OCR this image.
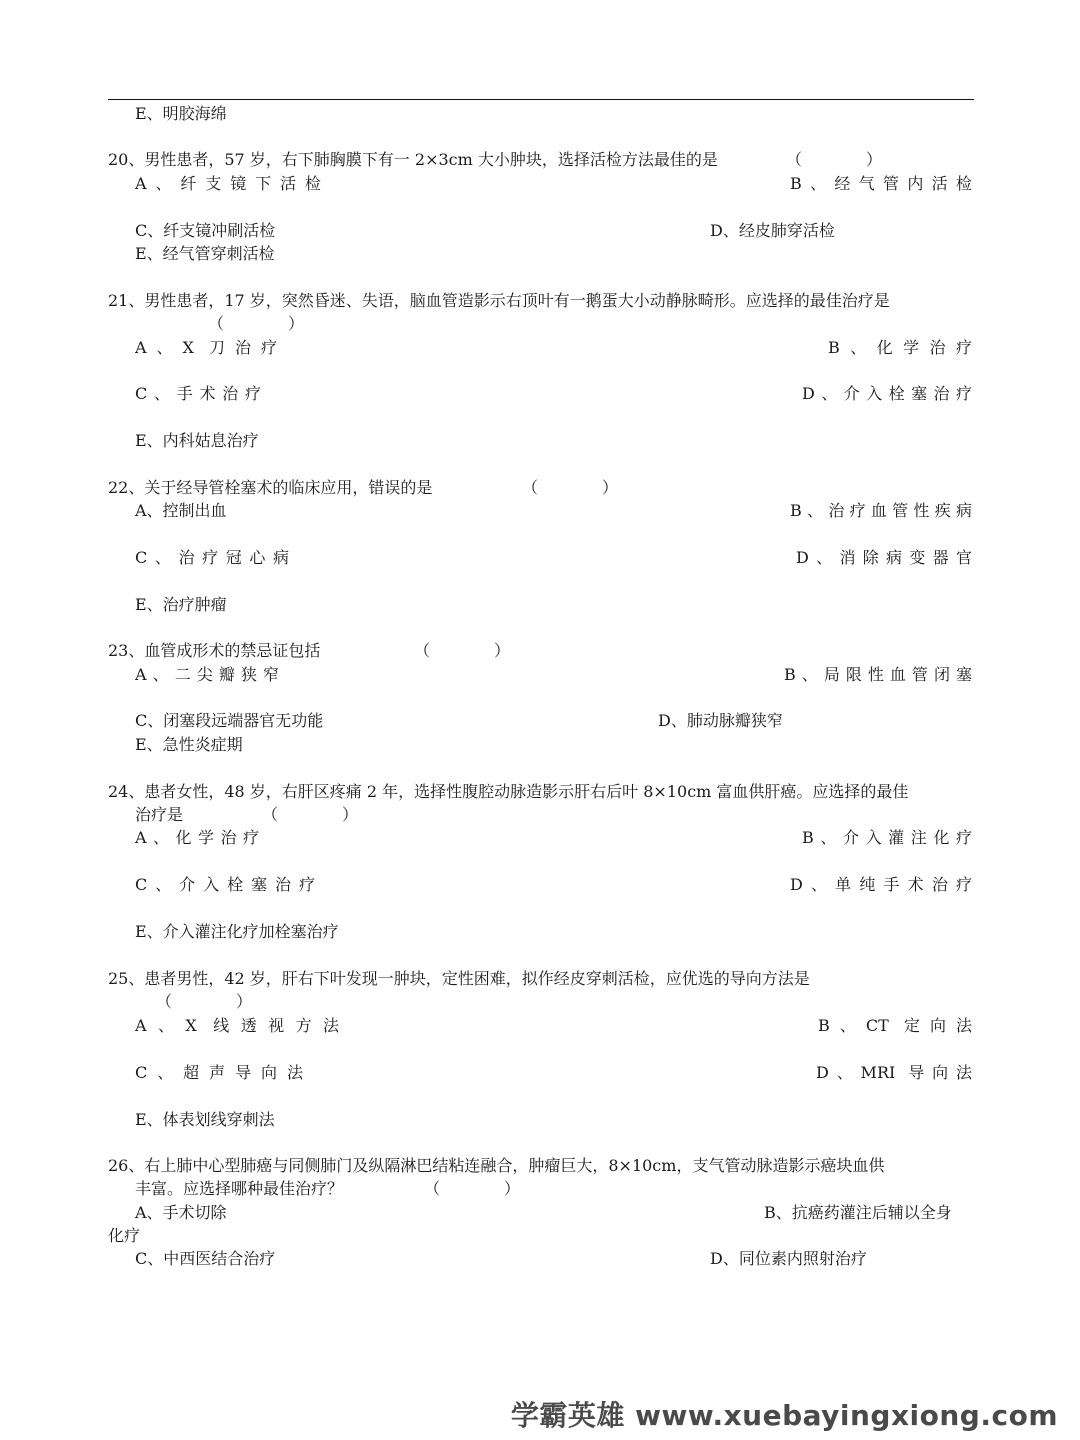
E、明胶海绵
20、男性患者，57 岁，右下肺胸膜下有一 2×3cm 大小肿块，选择活检方法最佳的是	（　　　　）
A、纤支镜下活检	B、经气管内活检
C、纤支镜冲刷活检	D、经皮肺穿活检
E、经气管穿刺活检
21、男性患者，17 岁，突然昏迷、失语，脑血管造影示右顶叶有一鹅蛋大小动静脉畸形。应选择的最佳治疗是
（　　　　）
A、X 刀治疗	B、化学治疗
C、手术治疗	D、介入栓塞治疗
E、内科姑息治疗
22、关于经导管栓塞术的临床应用，错误的是	（　　　　）
A、控制出血	B、治疗血管性疾病
C、治疗冠心病	D、消除病变器官
E、治疗肿瘤
23、血管成形术的禁忌证包括	（　　　　）
A、二尖瓣狭窄	B、局限性血管闭塞
C、闭塞段远端器官无功能	D、肺动脉瓣狭窄
E、急性炎症期
24、患者女性，48 岁，右肝区疼痛 2 年，选择性腹腔动脉造影示肝右后叶 8×10cm 富血供肝癌。应选择的最佳
治疗是	（　　　　）
A、化学治疗	B、介入灌注化疗
C、介入栓塞治疗	D、单纯手术治疗
E、介入灌注化疗加栓塞治疗
25、患者男性，42 岁，肝右下叶发现一肿块，定性困难，拟作经皮穿刺活检，应优选的导向方法是
（　　　　）
A、X 线透视方法	B、CT 定向法
C、超声导向法	D、MRI 导向法
E、体表划线穿刺法
26、右上肺中心型肺癌与同侧肺门及纵隔淋巴结粘连融合，肿瘤巨大，8×10cm，支气管动脉造影示癌块血供
丰富。应选择哪种最佳治疗？	（　　　　）
A、手术切除	B、抗癌药灌注后辅以全身
化疗
C、中西医结合治疗	D、同位素内照射治疗
学霸英雄 www.xuebayingxiong.com
